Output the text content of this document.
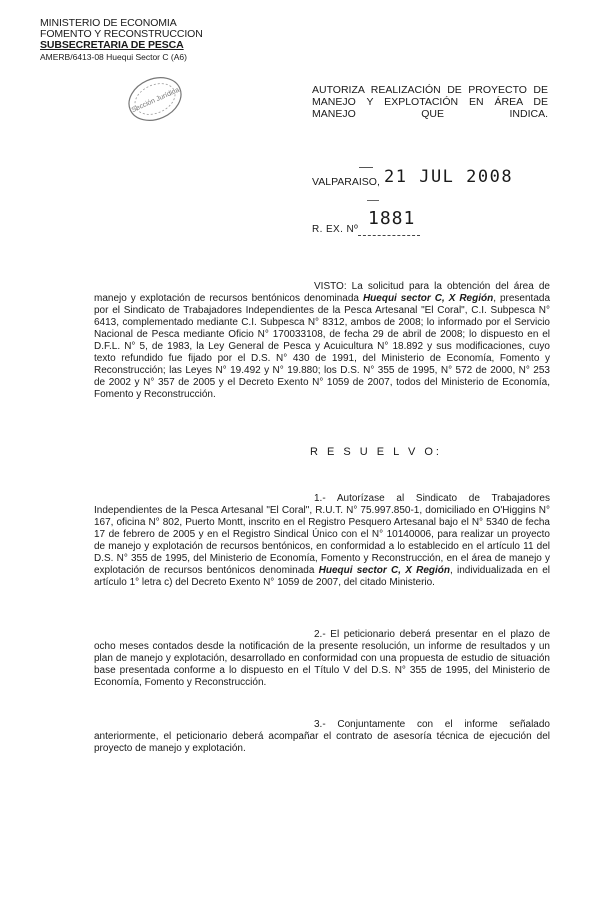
MINISTERIO DE ECONOMIA
FOMENTO Y RECONSTRUCCION
SUBSECRETARIA DE PESCA
AMERB/6413-08 Huequi Sector C (A6)
Sección Jurídica	AUTORIZA REALIZACIÓN DE PROYECTO DE MANEJO Y EXPLOTACIÓN EN ÁREA DE MANEJO QUE INDICA.
VALPARAISO, 21 JUL 2008
R. EX. Nº
1881
VISTO: La solicitud para la obtención del área de manejo y explotación de recursos bentónicos denominada Huequi sector C, X Región, presentada por el Sindicato de Trabajadores Independientes de la Pesca Artesanal "El Coral", C.I. Subpesca N° 6413, complementado mediante C.I. Subpesca N° 8312, ambos de 2008; lo informado por el Servicio Nacional de Pesca mediante Oficio N° 170033108, de fecha 29 de abril de 2008; lo dispuesto en el D.F.L. N° 5, de 1983, la Ley General de Pesca y Acuicultura N° 18.892 y sus modificaciones, cuyo texto refundido fue fijado por el D.S. N° 430 de 1991, del Ministerio de Economía, Fomento y Reconstrucción; las Leyes N° 19.492 y N° 19.880; los D.S. N° 355 de 1995, N° 572 de 2000, N° 253 de 2002 y N° 357 de 2005 y el Decreto Exento N° 1059 de 2007, todos del Ministerio de Economía, Fomento y Reconstrucción.
R E S U E L V O:
1.- Autorízase al Sindicato de Trabajadores Independientes de la Pesca Artesanal "El Coral", R.U.T. N° 75.997.850-1, domiciliado en O'Higgins N° 167, oficina N° 802, Puerto Montt, inscrito en el Registro Pesquero Artesanal bajo el N° 5340 de fecha 17 de febrero de 2005 y en el Registro Sindical Único con el N° 10140006, para realizar un proyecto de manejo y explotación de recursos bentónicos, en conformidad a lo establecido en el artículo 11 del D.S. N° 355 de 1995, del Ministerio de Economía, Fomento y Reconstrucción, en el área de manejo y explotación de recursos bentónicos denominada Huequi sector C, X Región, individualizada en el artículo 1° letra c) del Decreto Exento N° 1059 de 2007, del citado Ministerio.
2.- El peticionario deberá presentar en el plazo de ocho meses contados desde la notificación de la presente resolución, un informe de resultados y un plan de manejo y explotación, desarrollado en conformidad con una propuesta de estudio de situación base presentada conforme a lo dispuesto en el Título V del D.S. N° 355 de 1995, del Ministerio de Economía, Fomento y Reconstrucción.
3.- Conjuntamente con el informe señalado anteriormente, el peticionario deberá acompañar el contrato de asesoría técnica de ejecución del proyecto de manejo y explotación.
